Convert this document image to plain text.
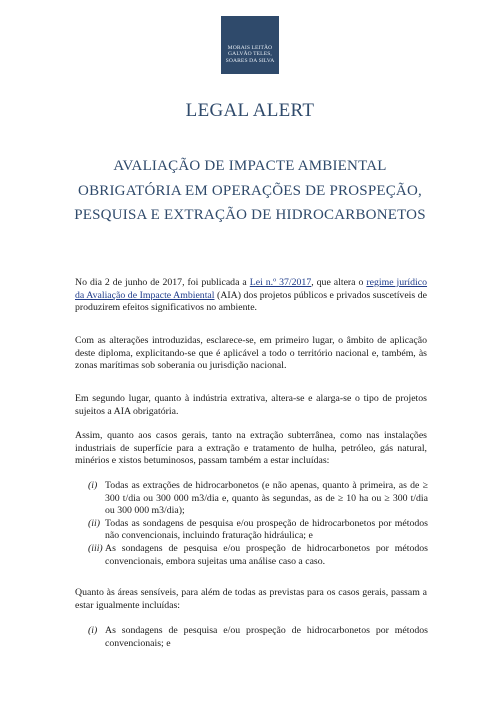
MORAIS LEITÃO
GALVÃO TELES,
SOARES DA SILVA
LEGAL ALERT
AVALIAÇÃO DE IMPACTE AMBIENTAL OBRIGATÓRIA EM OPERAÇÕES DE PROSPEÇÃO, PESQUISA E EXTRAÇÃO DE HIDROCARBONETOS
No dia 2 de junho de 2017, foi publicada a Lei n.º 37/2017, que altera o regime jurídico da Avaliação de Impacte Ambiental (AIA) dos projetos públicos e privados suscetíveis de produzirem efeitos significativos no ambiente.
Com as alterações introduzidas, esclarece-se, em primeiro lugar, o âmbito de aplicação deste diploma, explicitando-se que é aplicável a todo o território nacional e, também, às zonas marítimas sob soberania ou jurisdição nacional.
Em segundo lugar, quanto à indústria extrativa, altera-se e alarga-se o tipo de projetos sujeitos a AIA obrigatória.
Assim, quanto aos casos gerais, tanto na extração subterrânea, como nas instalações industriais de superfície para a extração e tratamento de hulha, petróleo, gás natural, minérios e xistos betuminosos, passam também a estar incluídas:
(i) Todas as extrações de hidrocarbonetos (e não apenas, quanto à primeira, as de ≥ 300 t/dia ou 300 000 m3/dia e, quanto às segundas, as de ≥ 10 ha ou ≥ 300 t/dia ou 300 000 m3/dia);
(ii) Todas as sondagens de pesquisa e/ou prospeção de hidrocarbonetos por métodos não convencionais, incluindo fraturação hidráulica; e
(iii) As sondagens de pesquisa e/ou prospeção de hidrocarbonetos por métodos convencionais, embora sujeitas uma análise caso a caso.
Quanto às áreas sensíveis, para além de todas as previstas para os casos gerais, passam a estar igualmente incluídas:
(i) As sondagens de pesquisa e/ou prospeção de hidrocarbonetos por métodos convencionais; e
